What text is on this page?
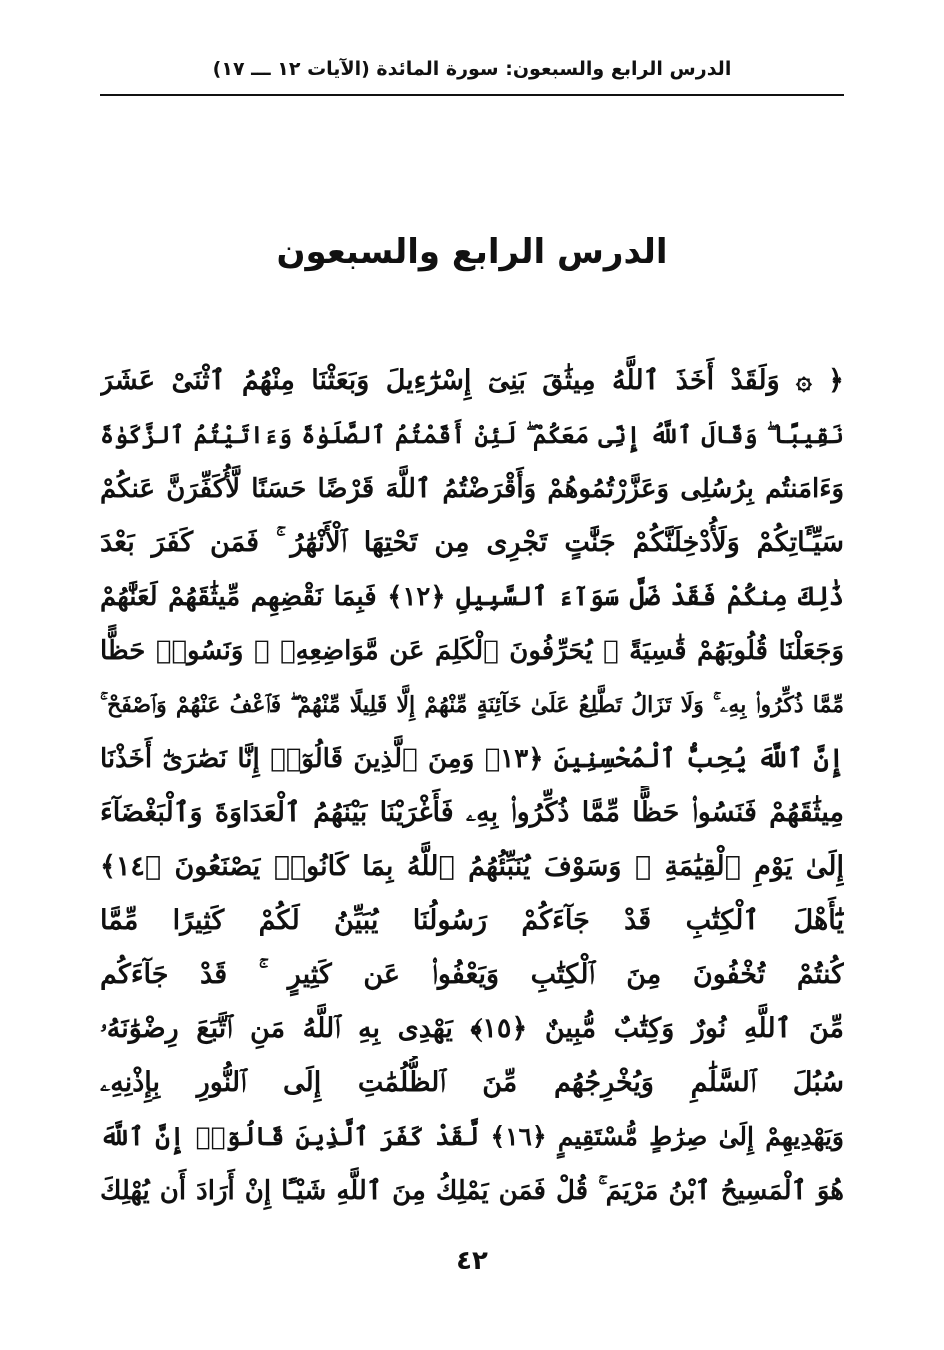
الدرس الرابع والسبعون: سورة المائدة (الآيات ١٢ ـــ ١٧)
الدرس الرابع والسبعون
﴿ ۞ وَلَقَدْ أَخَذَ ٱللَّهُ مِيثَٰقَ بَنِىٓ إِسْرَٰٓءِيلَ وَبَعَثْنَا مِنْهُمُ ٱثْنَىْ عَشَرَ
نَقِيبًا ۖ وَقَالَ ٱللَّهُ إِنِّى مَعَكُمْ ۖ لَئِنْ أَقَمْتُمُ ٱلصَّلَوٰةَ وَءَاتَيْتُمُ ٱلزَّكَوٰةَ
وَءَامَنتُم بِرُسُلِى وَعَزَّرْتُمُوهُمْ وَأَقْرَضْتُمُ ٱللَّهَ قَرْضًا حَسَنًا لَّأُكَفِّرَنَّ عَنكُمْ
سَيِّـَٔاتِكُمْ وَلَأُدْخِلَنَّكُمْ جَنَّٰتٍ تَجْرِى مِن تَحْتِهَا ٱلْأَنْهَٰرُ ۚ فَمَن كَفَرَ بَعْدَ
ذَٰلِكَ مِنكُمْ فَقَدْ ضَلَّ سَوَآءَ ٱلسَّبِيلِ ﴿١٢﴾ فَبِمَا نَقْضِهِم مِّيثَٰقَهُمْ لَعَنَّٰهُمْ
وَجَعَلْنَا قُلُوبَهُمْ قَٰسِيَةً ۖ يُحَرِّفُونَ ٱلْكَلِمَ عَن مَّوَاضِعِهِۦ ۙ وَنَسُوا۟ حَظًّا
مِّمَّا ذُكِّرُوا۟ بِهِۦ ۚ وَلَا تَزَالُ تَطَّلِعُ عَلَىٰ خَآئِنَةٍ مِّنْهُمْ إِلَّا قَلِيلًا مِّنْهُمْ ۖ فَٱعْفُ عَنْهُمْ وَٱصْفَحْ ۚ
إِنَّ ٱللَّهَ يُحِبُّ ٱلْمُحْسِنِينَ ﴿١٣﴾ وَمِنَ ٱلَّذِينَ قَالُوٓا۟ إِنَّا نَصَٰرَىٰٓ أَخَذْنَا
مِيثَٰقَهُمْ فَنَسُوا۟ حَظًّا مِّمَّا ذُكِّرُوا۟ بِهِۦ فَأَغْرَيْنَا بَيْنَهُمُ ٱلْعَدَاوَةَ وَٱلْبَغْضَآءَ
إِلَىٰ يَوْمِ ٱلْقِيَٰمَةِ ۚ وَسَوْفَ يُنَبِّئُهُمُ ٱللَّهُ بِمَا كَانُوا۟ يَصْنَعُونَ ﴿١٤﴾
يَٰٓأَهْلَ ٱلْكِتَٰبِ قَدْ جَآءَكُمْ رَسُولُنَا يُبَيِّنُ لَكُمْ كَثِيرًا مِّمَّا
كُنتُمْ تُخْفُونَ مِنَ ٱلْكِتَٰبِ وَيَعْفُوا۟ عَن كَثِيرٍ ۚ قَدْ جَآءَكُم
مِّنَ ٱللَّهِ نُورٌ وَكِتَٰبٌ مُّبِينٌ ﴿١٥﴾ يَهْدِى بِهِ ٱللَّهُ مَنِ ٱتَّبَعَ رِضْوَٰنَهُۥ
سُبُلَ ٱلسَّلَٰمِ وَيُخْرِجُهُم مِّنَ ٱلظُّلُمَٰتِ إِلَى ٱلنُّورِ بِإِذْنِهِۦ
وَيَهْدِيهِمْ إِلَىٰ صِرَٰطٍ مُّسْتَقِيمٍ ﴿١٦﴾ لَّقَدْ كَفَرَ ٱلَّذِينَ قَالُوٓا۟ إِنَّ ٱللَّهَ
هُوَ ٱلْمَسِيحُ ٱبْنُ مَرْيَمَ ۚ قُلْ فَمَن يَمْلِكُ مِنَ ٱللَّهِ شَيْـًٔا إِنْ أَرَادَ أَن يُهْلِكَ
٤٢
